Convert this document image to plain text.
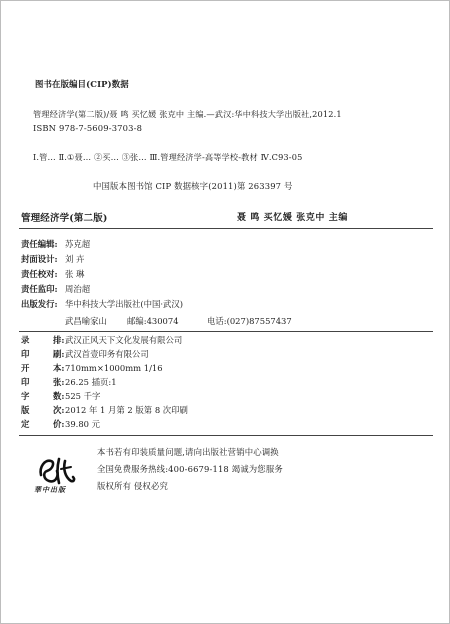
图书在版编目(CIP)数据
管理经济学(第二版)/聂 鸣 买忆媛 张克中 主编.—武汉:华中科技大学出版社,2012.1
ISBN 978-7-5609-3703-8
Ⅰ.管… Ⅱ.①聂… ②买… ③张… Ⅲ.管理经济学-高等学校-教材 Ⅳ.C93-05
中国版本图书馆 CIP 数据核字(2011)第 263397 号
管理经济学(第二版)	聂 鸣 买忆媛 张克中 主编
责任编辑: 苏克超
封面设计: 刘 卉
责任校对: 张 琳
责任监印: 周治超
出版发行: 华中科技大学出版社(中国·武汉)
武昌喻家山 邮编:430074	电话:(027)87557437
录	排: 武汉正风天下文化发展有限公司
印	刷: 武汉首壹印务有限公司
开	本: 710mm×1000mm 1/16
印	张: 26.25 插页:1
字	数: 525 千字
版	次: 2012 年 1 月第 2 版第 8 次印刷
定	价: 39.80 元
華中出版
本书若有印装质量问题,请向出版社营销中心调换
全国免费服务热线:400-6679-118 竭诚为您服务
版权所有 侵权必究
